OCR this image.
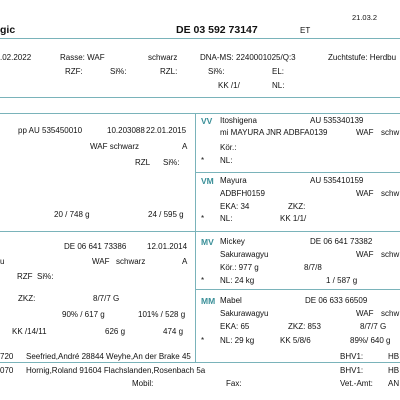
21.03.2
gic	DE 03 592 73147	ET
.02.2022	Rasse: WAF	schwarz	DNA-MS: 2240001025/Q:3	Zuchtstufe: Herdbu
RZF:	Si%:	RZL:	Si%:	EL:
KK /1/	NL:
pp AU 535450010	10.203088 22.01.2015
WAF schwarz	A
RZL Si%:
20 / 748 g	24 / 595 g
VV Itoshigena	AU 535340139
mi MAYURA JNR ADBFA0139	WAF schw
Kör.:
* NL:
VM Mayura	AU 535410159
ADBFH0159	WAF schw
EKA: 34	ZKZ:
* NL:	KK 1/1/
DE 06 641 73386	12.01.2014
u	WAF schwarz	A
RZF Si%:
ZKZ:	8/7/7 G
90% / 617 g	101% / 528 g
KK /14/11	626 g	474 g
MV Mickey	DE 06 641 73382
Sakurawagyu	WAF schw
Kör.: 977 g	8/7/8
* NL: 24 kg	1 / 587 g
MM Mabel	DE 06 633 66509
Sakurawagyu	WAF schw
EKA: 65	ZKZ: 853	8/7/7 G
* NL: 29 kg	KK 5/8/6	89%/ 640 g
720 Seefried,André 28844 Weyhe,An der Brake 45	BHV1:	HB
070 Hornig,Roland 91604 Flachslanden,Rosenbach 5a	BHV1:	HB
Mobil:	Fax:	Vet.-Amt: AN
